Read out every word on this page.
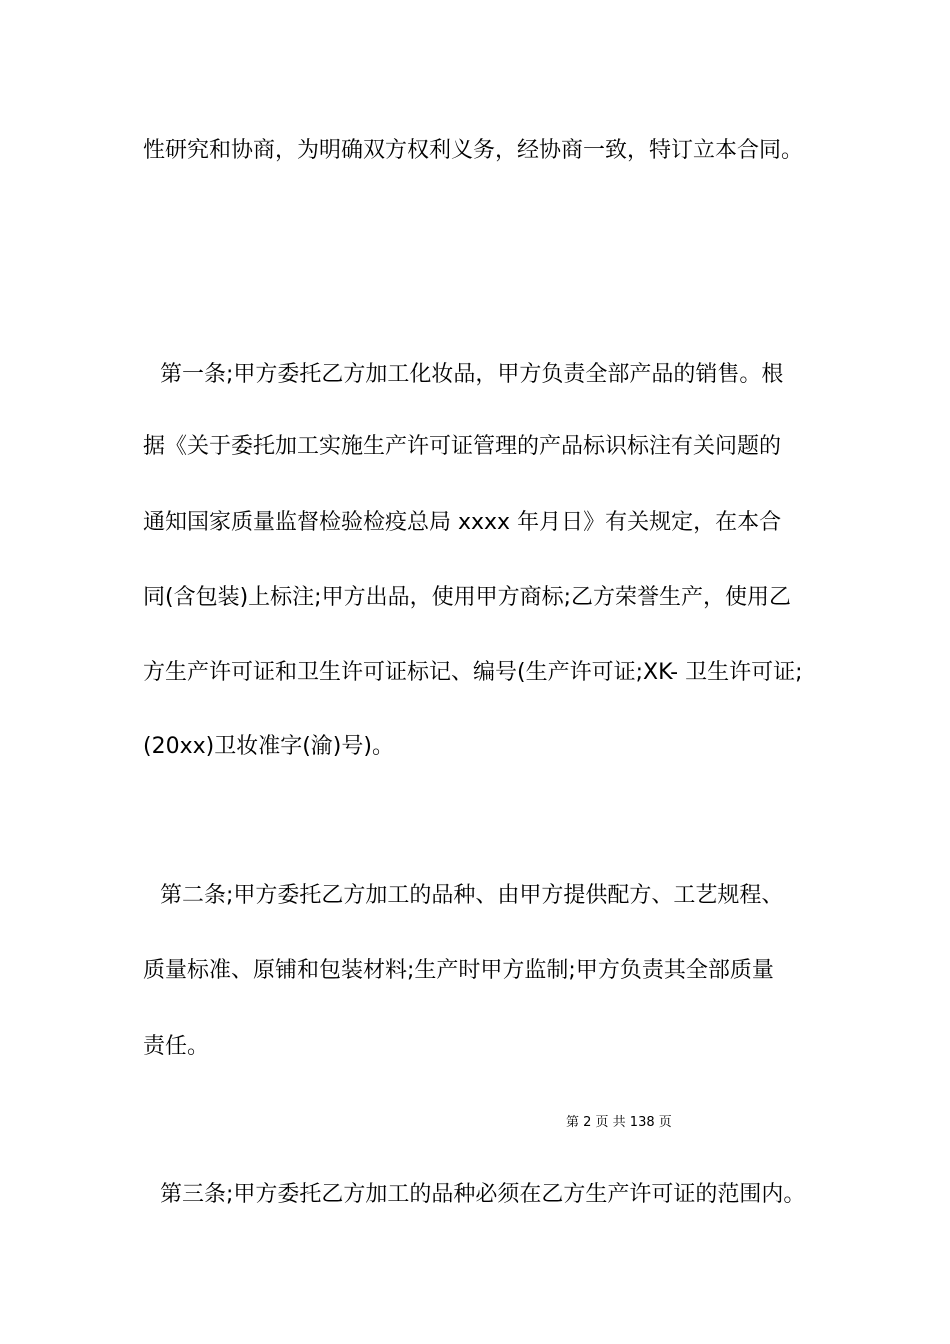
性研究和协商，为明确双方权利义务，经协商一致，特订立本合同。
第一条;甲方委托乙方加工化妆品，甲方负责全部产品的销售。根
据《关于委托加工实施生产许可证管理的产品标识标注有关问题的
通知国家质量监督检验检疫总局 xxxx 年月日》有关规定，在本合
同(含包装)上标注;甲方出品，使用甲方商标;乙方荣誉生产，使用乙
方生产许可证和卫生许可证标记、编号(生产许可证;XK- 卫生许可证;
(20xx)卫妆准字(渝)号)。
第二条;甲方委托乙方加工的品种、由甲方提供配方、工艺规程、
质量标准、原铺和包装材料;生产时甲方监制;甲方负责其全部质量
责任。
第 2 页 共 138 页
第三条;甲方委托乙方加工的品种必须在乙方生产许可证的范围内。
